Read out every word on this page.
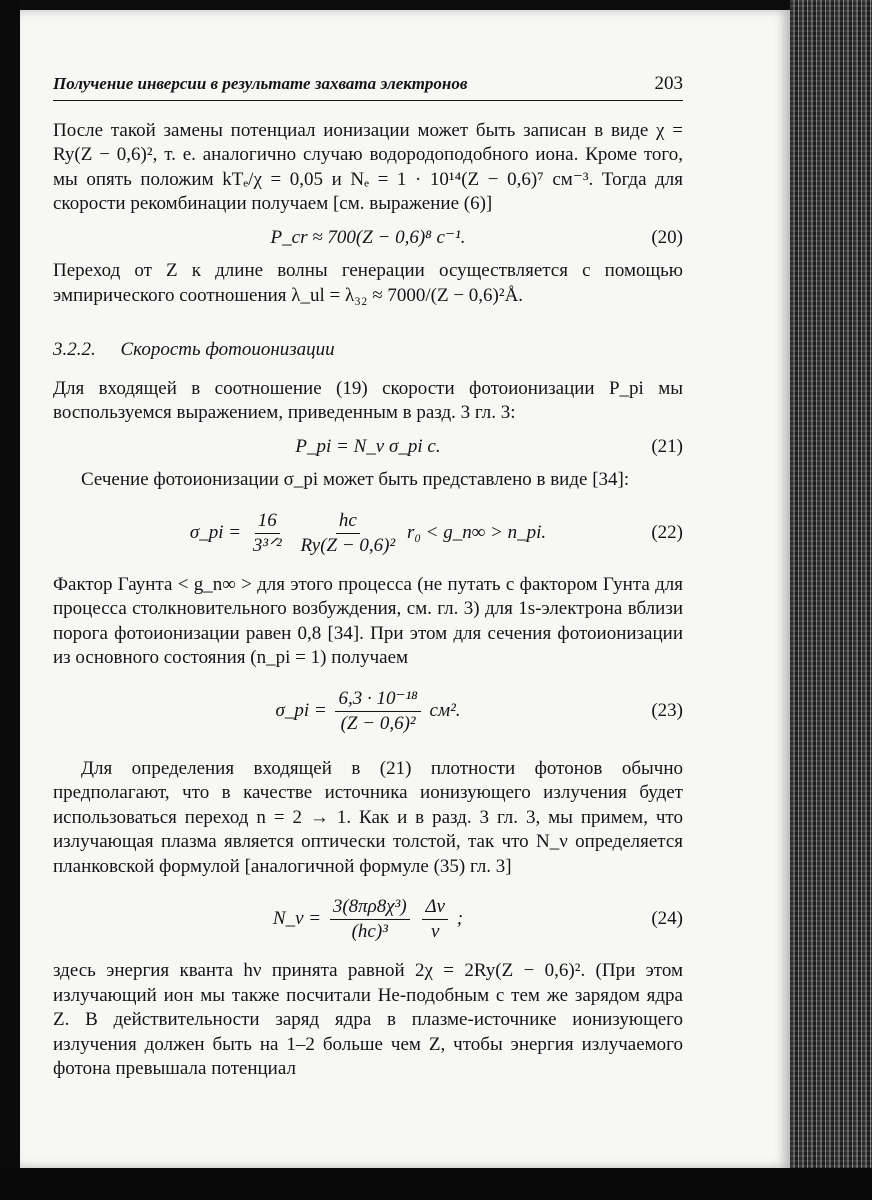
Получение инверсии в результате захвата электронов	203

После такой замены потенциал ионизации может быть записан в виде χ = Ry(Z − 0,6)², т. е. аналогично случаю водородоподобного иона. Кроме того, мы опять положим kTₑ/χ = 0,05 и Nₑ = 1 · 10¹⁴(Z − 0,6)⁷ см⁻³. Тогда для скорости рекомбинации получаем [см. выражение (6)]

P_cr ≈ 700(Z − 0,6)⁸ с⁻¹.	(20)

Переход от Z к длине волны генерации осуществляется с помощью эмпирического соотношения λ_ul = λ₃₂ ≈ 7000/(Z − 0,6)²Å.

3.2.2. Скорость фотоионизации

Для входящей в соотношение (19) скорости фотоионизации P_pi мы воспользуемся выражением, приведенным в разд. 3 гл. 3:

P_pi = N_ν σ_pi c.	(21)

Сечение фотоионизации σ_pi может быть представлено в виде [34]:

σ_pi = $\frac{16}{\text{3³ᐟ²}}$
$\frac{hc}{\text{Ry(Z − 0,6)²}} r_0$ < g_n∞ > n_pi.	(22)

Фактор Гаунта < g_n∞ > для этого процесса (не путать с фактором Гунта для процесса столкновительного возбуждения, см. гл. 3) для 1s-электрона вблизи порога фотоионизации равен 0,8 [34]. При этом для сечения фотоионизации из основного состояния (n_pi = 1) получаем

σ_pi = $\frac{\text{6,3 · 10⁻¹⁸}}{\text{(Z − 0,6)²}} см^2$.	(23)

Для определения входящей в (21) плотности фотонов обычно предполагают, что в качестве источника ионизующего излучения будет использоваться переход n = 2 → 1. Как и в разд. 3 гл. 3, мы примем, что излучающая плазма является оптически толстой, так что N_ν определяется планковской формулой [аналогичной формуле (35) гл. 3]

N_ν = $\frac{\text{3(8πρ8χ³)}}{\text{(hc)³}}$
$\frac{\Delta\nu}{\nu}$ ;	(24)

здесь энергия кванта hν принята равной 2χ = 2Ry(Z − 0,6)². (При этом излучающий ион мы также посчитали Не-подобным с тем же зарядом ядра Z. В действительности заряд ядра в плазме-источнике ионизующего излучения должен быть на 1–2 больше чем Z, чтобы энергия излучаемого фотона превышала потенциал
